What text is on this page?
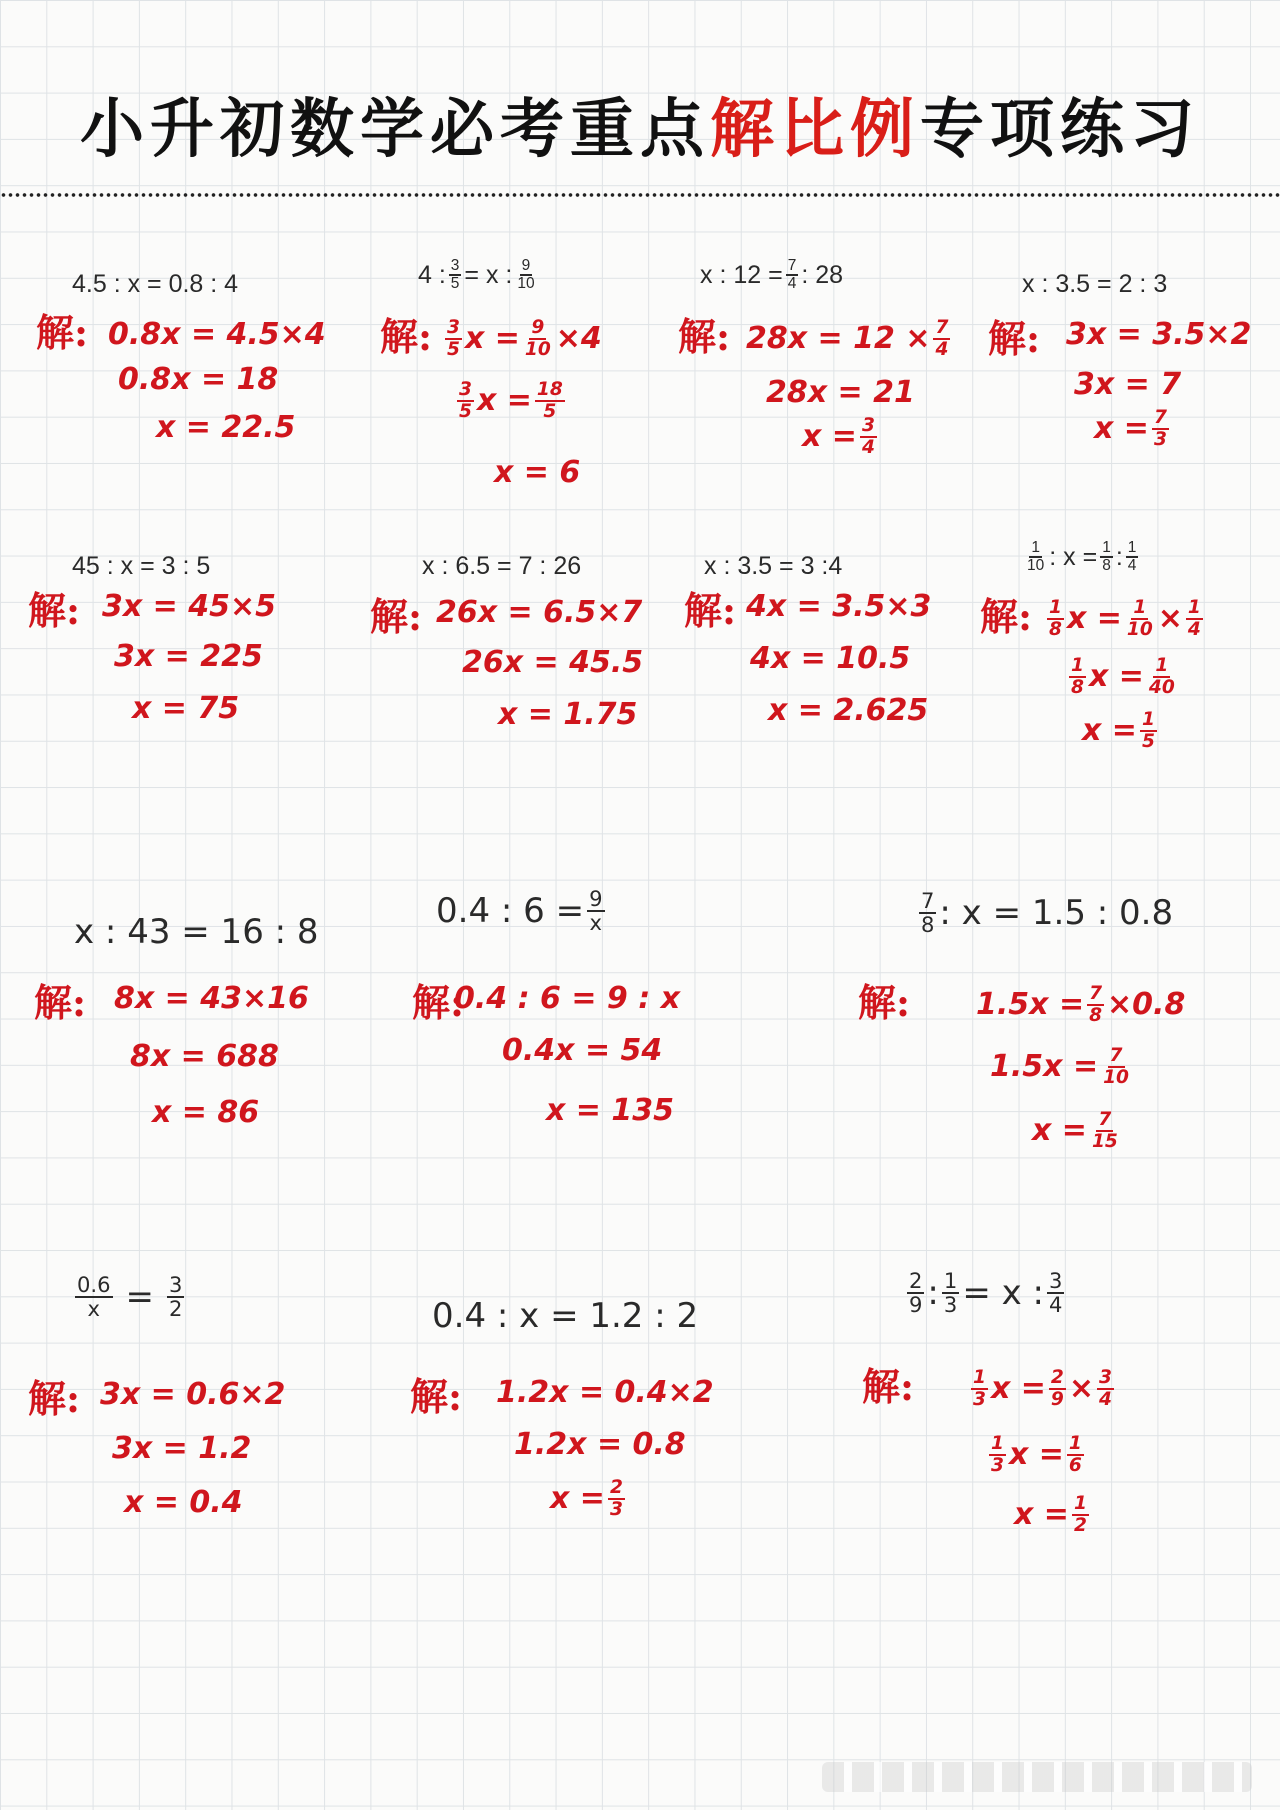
小升初数学必考重点解比例专项练习
4.5 : x = 0.8 : 4
解: 0.8x = 4.5×4
0.8x = 18
x = 22.5
4 : $\frac{3}{5} = x$ : $\frac{9}{10}$
解: $\frac{3}{5}$ $x = \frac{9}{10} \times 4$
$\frac{3}{5}$ $x = \frac{18}{5}$
x = 6
x : $12 = \frac{7}{4}$ : 28
解: $28x = 12 \times \frac{7}{4}$
28x = 21
$x = \frac{3}{4}$
x : 3.5 = 2 : 3
解: 3x = 3.5×2
3x = 7
$x = \frac{7}{3}$
45 : x = 3 : 5
解: 3x = 45×5
3x = 225
x = 75
x : 6.5 = 7 : 26
解: 26x = 6.5×7
26x = 45.5
x = 1.75
x : 3.5 = 3 :4
解: 4x = 3.5×3
4x = 10.5
x = 2.625
$\frac{1}{10}$ : $x = \frac{1}{8}$ : $\frac{1}{4}$
解: $\frac{1}{8}$ $x = \frac{1}{10} \times \frac{1}{4}$
$\frac{1}{8}$ $x = \frac{1}{40}$
$x = \frac{1}{5}$
x : 43 = 16 : 8
解: 8x = 43×16
8x = 688
x = 86
0.4 : $6 = \frac{9}{x}$
解:
0.4 : 6 = 9 : x
0.4x = 54
x = 135
$\frac{7}{8}$ : x = 1.5 : 0.8
解: $1.5x = \frac{7}{8} \times 0.8$
$1.5x = \frac{7}{10}$
$x = \frac{7}{15}$
$\frac{0.6}{x} = \frac{3}{2}$
解: 3x = 0.6×2
3x = 1.2
x = 0.4
0.4 : x = 1.2 : 2
解: 1.2x = 0.4×2
1.2x = 0.8
$x = \frac{2}{3}$
$\frac{2}{9}$ : $\frac{1}{3} = x$ : $\frac{3}{4}$
解:	$\frac{1}{3}$ $x = \frac{2}{9} \times \frac{3}{4}$
$\frac{1}{3}$ $x = \frac{1}{6}$
$x = \frac{1}{2}$
